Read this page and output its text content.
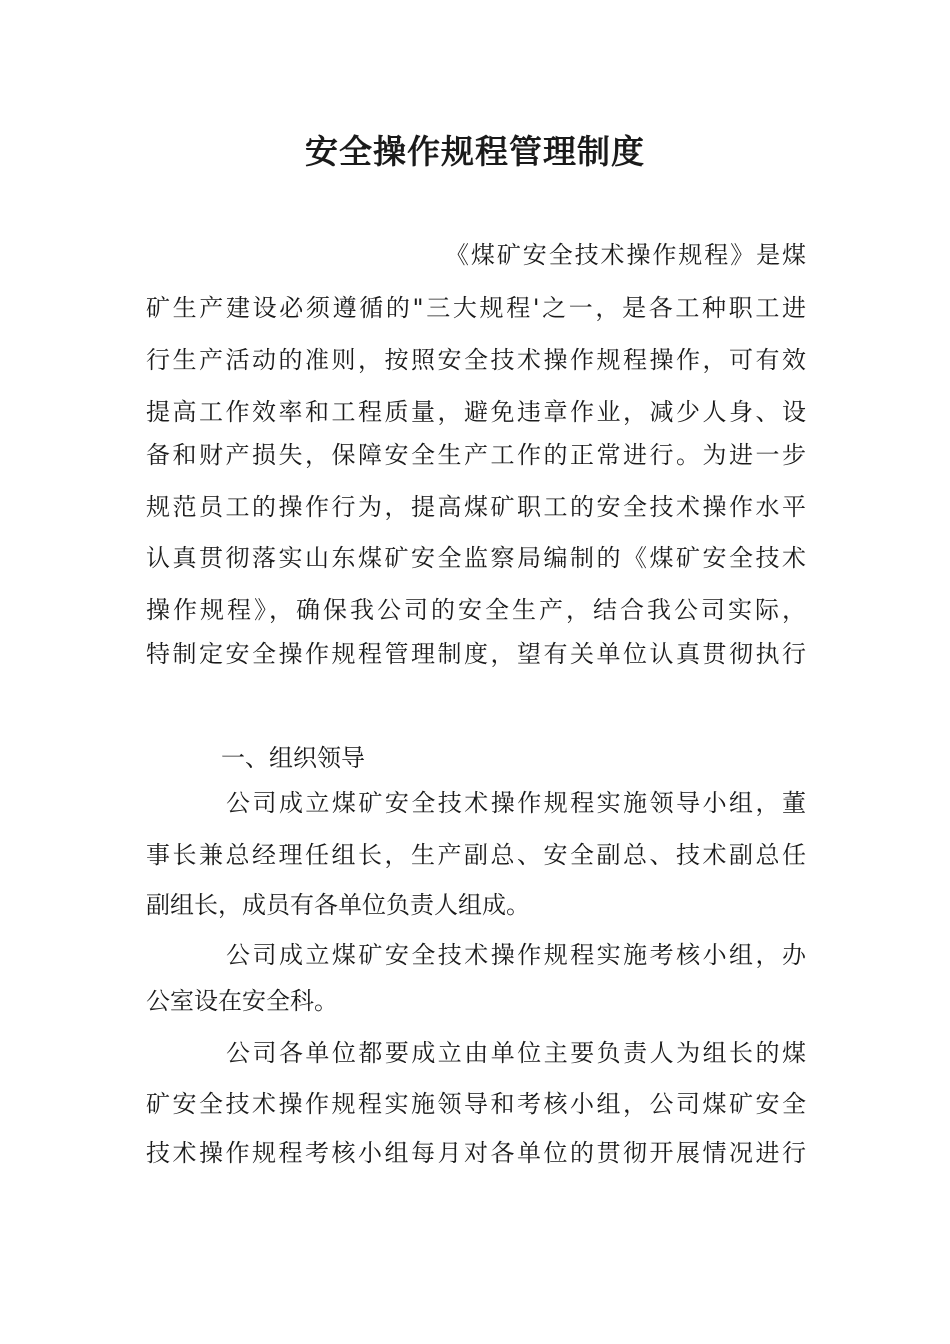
安全操作规程管理制度
《煤矿安全技术操作规程》是煤
矿生产建设必须遵循的"三大规程'之一，是各工种职工进
行生产活动的准则，按照安全技术操作规程操作，可有效
提高工作效率和工程质量，避免违章作业，减少人身、设
备和财产损失，保障安全生产工作的正常进行。为进一步
规范员工的操作行为，提高煤矿职工的安全技术操作水平
认真贯彻落实山东煤矿安全监察局编制的《煤矿安全技术
操作规程》，确保我公司的安全生产，结合我公司实际，
特制定安全操作规程管理制度，望有关单位认真贯彻执行
一、组织领导
公司成立煤矿安全技术操作规程实施领导小组，董
事长兼总经理任组长，生产副总、安全副总、技术副总任
副组长，成员有各单位负责人组成。
公司成立煤矿安全技术操作规程实施考核小组，办
公室设在安全科。
公司各单位都要成立由单位主要负责人为组长的煤
矿安全技术操作规程实施领导和考核小组，公司煤矿安全
技术操作规程考核小组每月对各单位的贯彻开展情况进行
